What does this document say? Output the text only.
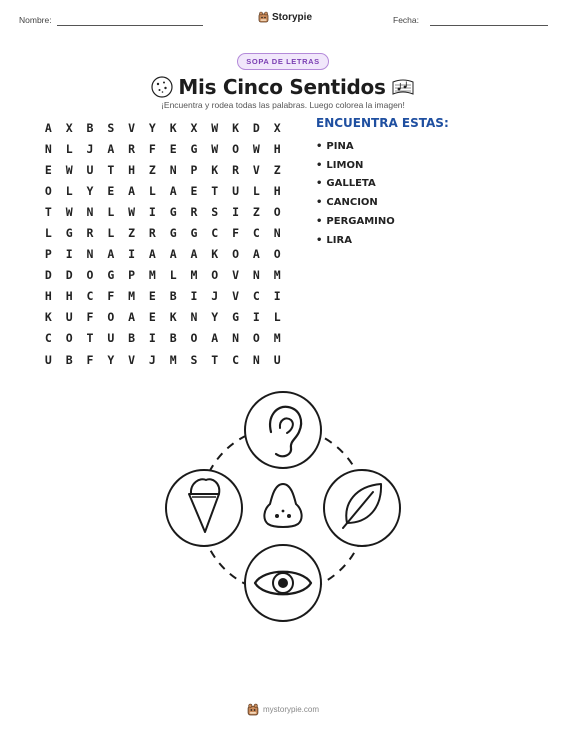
Nombre:	Storypie	Fecha:
SOPA DE LETRAS
Mis Cinco Sentidos
¡Encuentra y rodea todas las palabras. Luego colorea la imagen!
A	X	B	S	V	Y	K	X	W	K	D	X
N	L	J	A	R	F	E	G	W	O	W	H
E	W	U	T	H	Z	N	P	K	R	V	Z
O	L	Y	E	A	L	A	E	T	U	L	H
T	W	N	L	W	I	G	R	S	I	Z	O
L	G	R	L	Z	R	G	G	C	F	C	N
P	I	N	A	I	A	A	A	K	O	A	O
D	D	O	G	P	M	L	M	O	V	N	M
H	H	C	F	M	E	B	I	J	V	C	I
K	U	F	O	A	E	K	N	Y	G	I	L
C	O	T	U	B	I	B	O	A	N	O	M
U	B	F	Y	V	J	M	S	T	C	N	U
ENCUENTRA ESTAS:
• PINA
• LIMON
• GALLETA
• CANCION
• PERGAMINO
• LIRA
mystorypie.com
